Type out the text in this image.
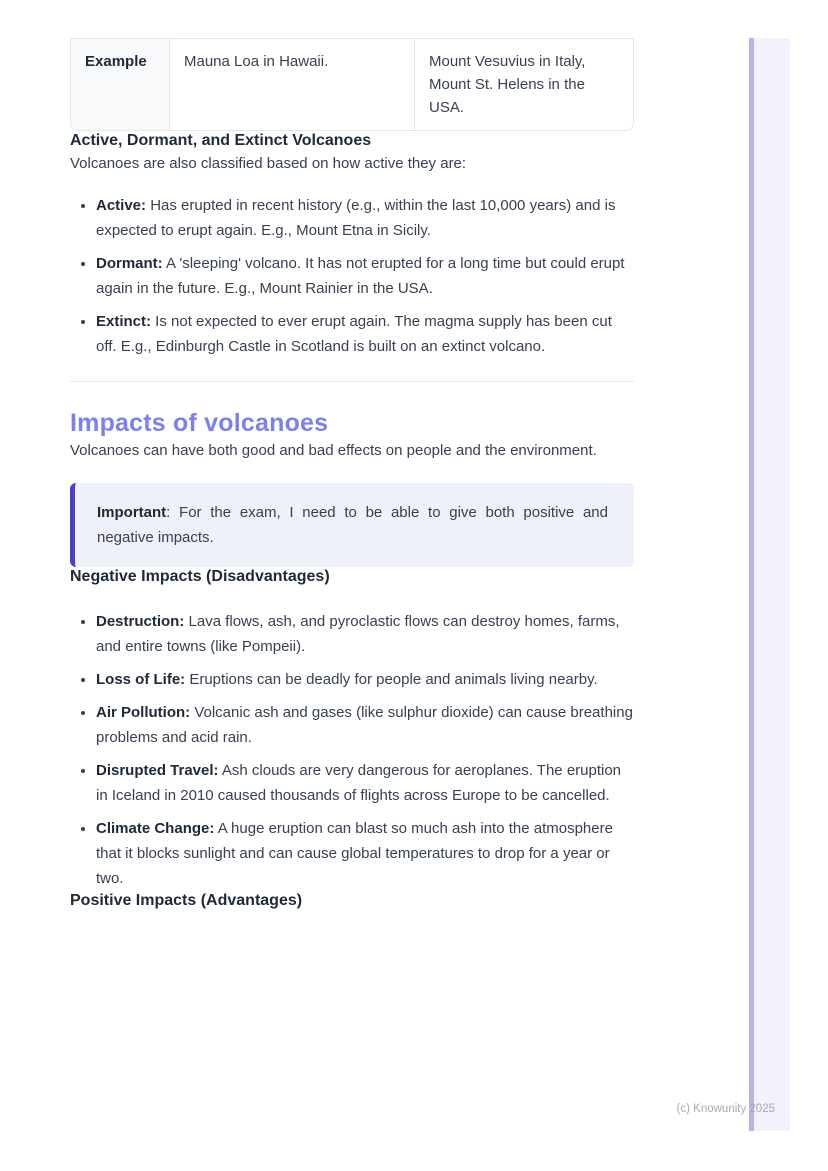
Example	Mauna Loa in Hawaii.	Mount Vesuvius in Italy, Mount St. Helens in the USA.
Active, Dormant, and Extinct Volcanoes

Volcanoes are also classified based on how active they are:

• Active: Has erupted in recent history (e.g., within the last 10,000 years) and is expected to erupt again. E.g., Mount Etna in Sicily.
• Dormant: A 'sleeping' volcano. It has not erupted for a long time but could erupt again in the future. E.g., Mount Rainier in the USA.
• Extinct: Is not expected to ever erupt again. The magma supply has been cut off. E.g., Edinburgh Castle in Scotland is built on an extinct volcano.
Impacts of volcanoes

Volcanoes can have both good and bad effects on people and the environment.

Important: For the exam, I need to be able to give both positive and negative impacts.
Negative Impacts (Disadvantages)
• Destruction: Lava flows, ash, and pyroclastic flows can destroy homes, farms, and entire towns (like Pompeii).
• Loss of Life: Eruptions can be deadly for people and animals living nearby.
• Air Pollution: Volcanic ash and gases (like sulphur dioxide) can cause breathing problems and acid rain.
• Disrupted Travel: Ash clouds are very dangerous for aeroplanes. The eruption in Iceland in 2010 caused thousands of flights across Europe to be cancelled.
• Climate Change: A huge eruption can blast so much ash into the atmosphere that it blocks sunlight and can cause global temperatures to drop for a year or two.
Positive Impacts (Advantages)
(c) Knowunity 2025
